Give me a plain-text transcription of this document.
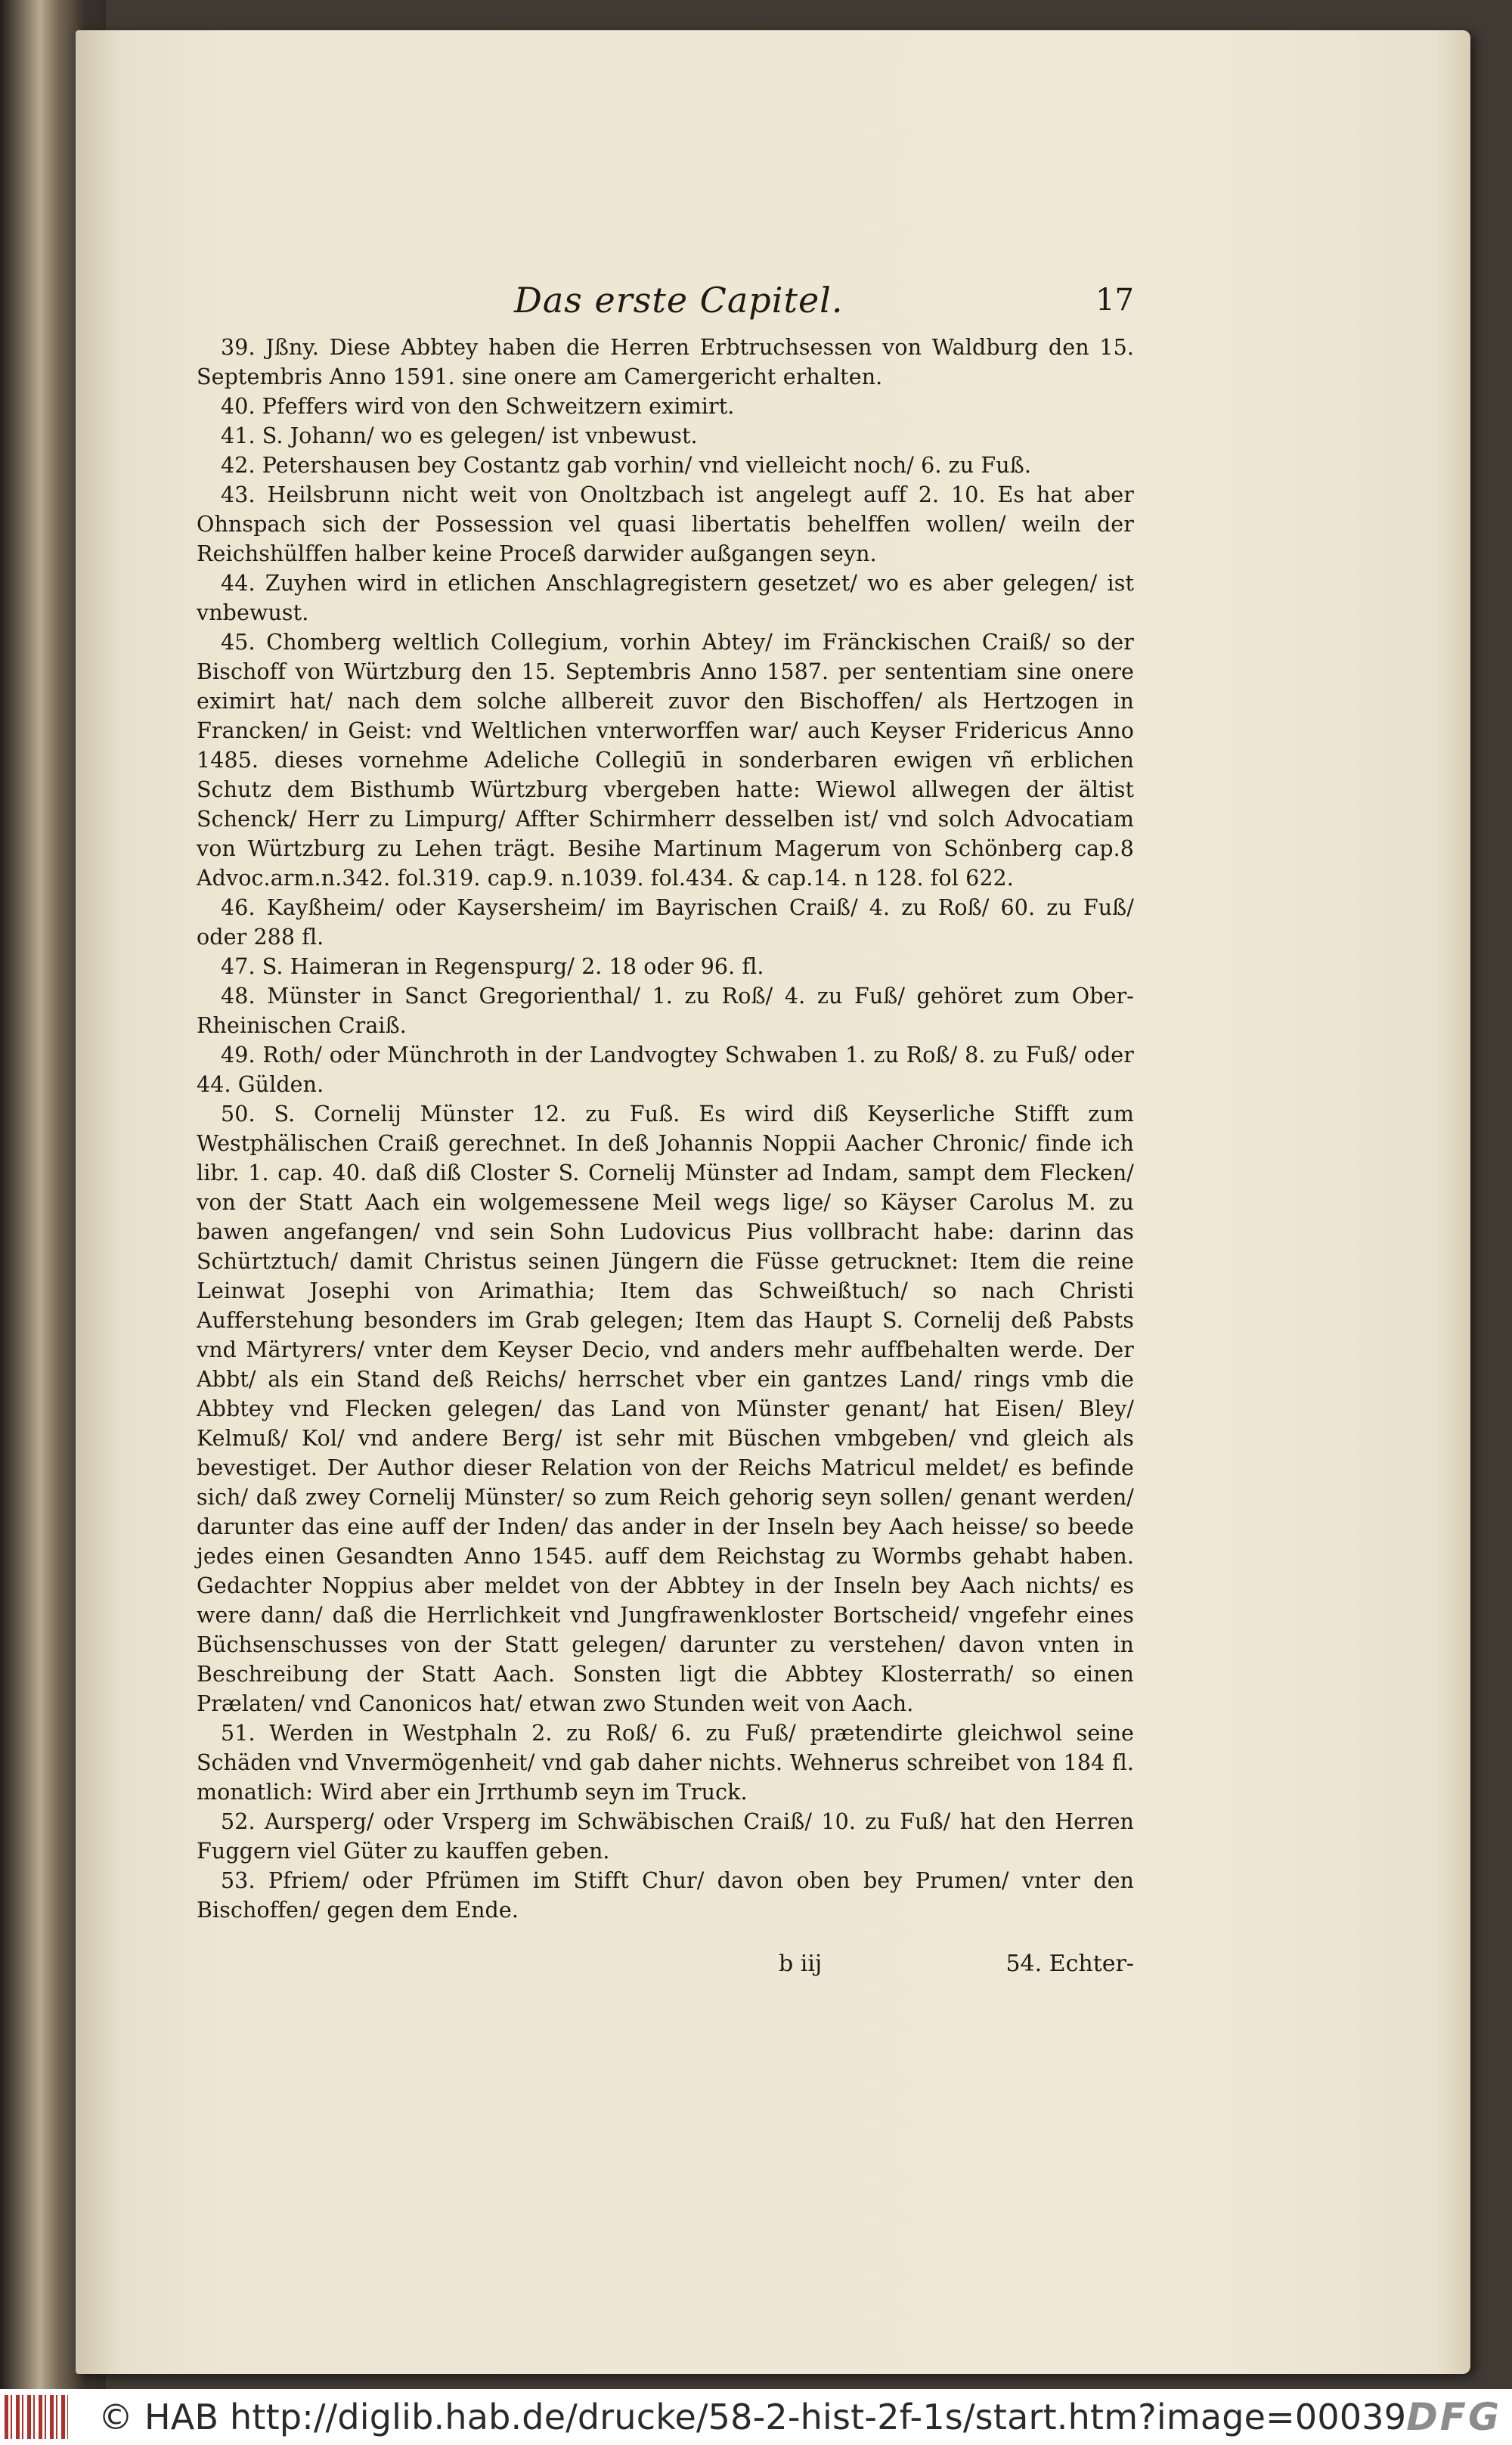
Das erste Capitel.	17

39. Jßny. Diese Abbtey haben die Herren Erbtruchsessen von Waldburg den 15. Septembris Anno 1591. sine onere am Camergericht erhalten.

40. Pfeffers wird von den Schweitzern eximirt.

41. S. Johann/ wo es gelegen/ ist vnbewust.

42. Petershausen bey Costantz gab vorhin/ vnd vielleicht noch/ 6. zu Fuß.

43. Heilsbrunn nicht weit von Onoltzbach ist angelegt auff 2. 10. Es hat aber Ohnspach sich der Possession vel quasi libertatis behelffen wollen/ weiln der Reichshülffen halber keine Proceß darwider außgangen seyn.

44. Zuyhen wird in etlichen Anschlagregistern gesetzet/ wo es aber gelegen/ ist vnbewust.

45. Chomberg weltlich Collegium, vorhin Abtey/ im Fränckischen Craiß/ so der Bischoff von Würtzburg den 15. Septembris Anno 1587. per sententiam sine onere eximirt hat/ nach dem solche allbereit zuvor den Bischoffen/ als Hertzogen in Francken/ in Geist: vnd Weltlichen vnterworffen war/ auch Keyser Fridericus Anno 1485. dieses vornehme Adeliche Collegiū in sonderbaren ewigen vñ erblichen Schutz dem Bisthumb Würtzburg vbergeben hatte: Wiewol allwegen der ältist Schenck/ Herr zu Limpurg/ Affter Schirmherr desselben ist/ vnd solch Advocatiam von Würtzburg zu Lehen trägt. Besihe Martinum Magerum von Schönberg cap.8 Advoc.arm.n.342. fol.319. cap.9. n.1039. fol.434. & cap.14. n 128. fol 622.

46. Kayßheim/ oder Kaysersheim/ im Bayrischen Craiß/ 4. zu Roß/ 60. zu Fuß/ oder 288 fl.

47. S. Haimeran in Regenspurg/ 2. 18 oder 96. fl.

48. Münster in Sanct Gregorienthal/ 1. zu Roß/ 4. zu Fuß/ gehöret zum Ober-Rheinischen Craiß.

49. Roth/ oder Münchroth in der Landvogtey Schwaben 1. zu Roß/ 8. zu Fuß/ oder 44. Gülden.

50. S. Cornelij Münster 12. zu Fuß. Es wird diß Keyserliche Stifft zum Westphälischen Craiß gerechnet. In deß Johannis Noppii Aacher Chronic/ finde ich libr. 1. cap. 40. daß diß Closter S. Cornelij Münster ad Indam, sampt dem Flecken/ von der Statt Aach ein wolgemessene Meil wegs lige/ so Käyser Carolus M. zu bawen angefangen/ vnd sein Sohn Ludovicus Pius vollbracht habe: darinn das Schürtztuch/ damit Christus seinen Jüngern die Füsse getrucknet: Item die reine Leinwat Josephi von Arimathia; Item das Schweißtuch/ so nach Christi Aufferstehung besonders im Grab gelegen; Item das Haupt S. Cornelij deß Pabsts vnd Märtyrers/ vnter dem Keyser Decio, vnd anders mehr auffbehalten werde. Der Abbt/ als ein Stand deß Reichs/ herrschet vber ein gantzes Land/ rings vmb die Abbtey vnd Flecken gelegen/ das Land von Münster genant/ hat Eisen/ Bley/ Kelmuß/ Kol/ vnd andere Berg/ ist sehr mit Büschen vmbgeben/ vnd gleich als bevestiget. Der Author dieser Relation von der Reichs Matricul meldet/ es befinde sich/ daß zwey Cornelij Münster/ so zum Reich gehorig seyn sollen/ genant werden/ darunter das eine auff der Inden/ das ander in der Inseln bey Aach heisse/ so beede jedes einen Gesandten Anno 1545. auff dem Reichstag zu Wormbs gehabt haben. Gedachter Noppius aber meldet von der Abbtey in der Inseln bey Aach nichts/ es were dann/ daß die Herrlichkeit vnd Jungfrawenkloster Bortscheid/ vngefehr eines Büchsenschusses von der Statt gelegen/ darunter zu verstehen/ davon vnten in Beschreibung der Statt Aach. Sonsten ligt die Abbtey Klosterrath/ so einen Prælaten/ vnd Canonicos hat/ etwan zwo Stunden weit von Aach.

51. Werden in Westphaln 2. zu Roß/ 6. zu Fuß/ prætendirte gleichwol seine Schäden vnd Vnvermögenheit/ vnd gab daher nichts. Wehnerus schreibet von 184 fl. monatlich: Wird aber ein Jrrthumb seyn im Truck.

52. Aursperg/ oder Vrsperg im Schwäbischen Craiß/ 10. zu Fuß/ hat den Herren Fuggern viel Güter zu kauffen geben.

53. Pfriem/ oder Pfrümen im Stifft Chur/ davon oben bey Prumen/ vnter den Bischoffen/ gegen dem Ende.

b iij	54. Echter-
© HAB http://diglib.hab.de/drucke/58-2-hist-2f-1s/start.htm?image=00039 DFG
